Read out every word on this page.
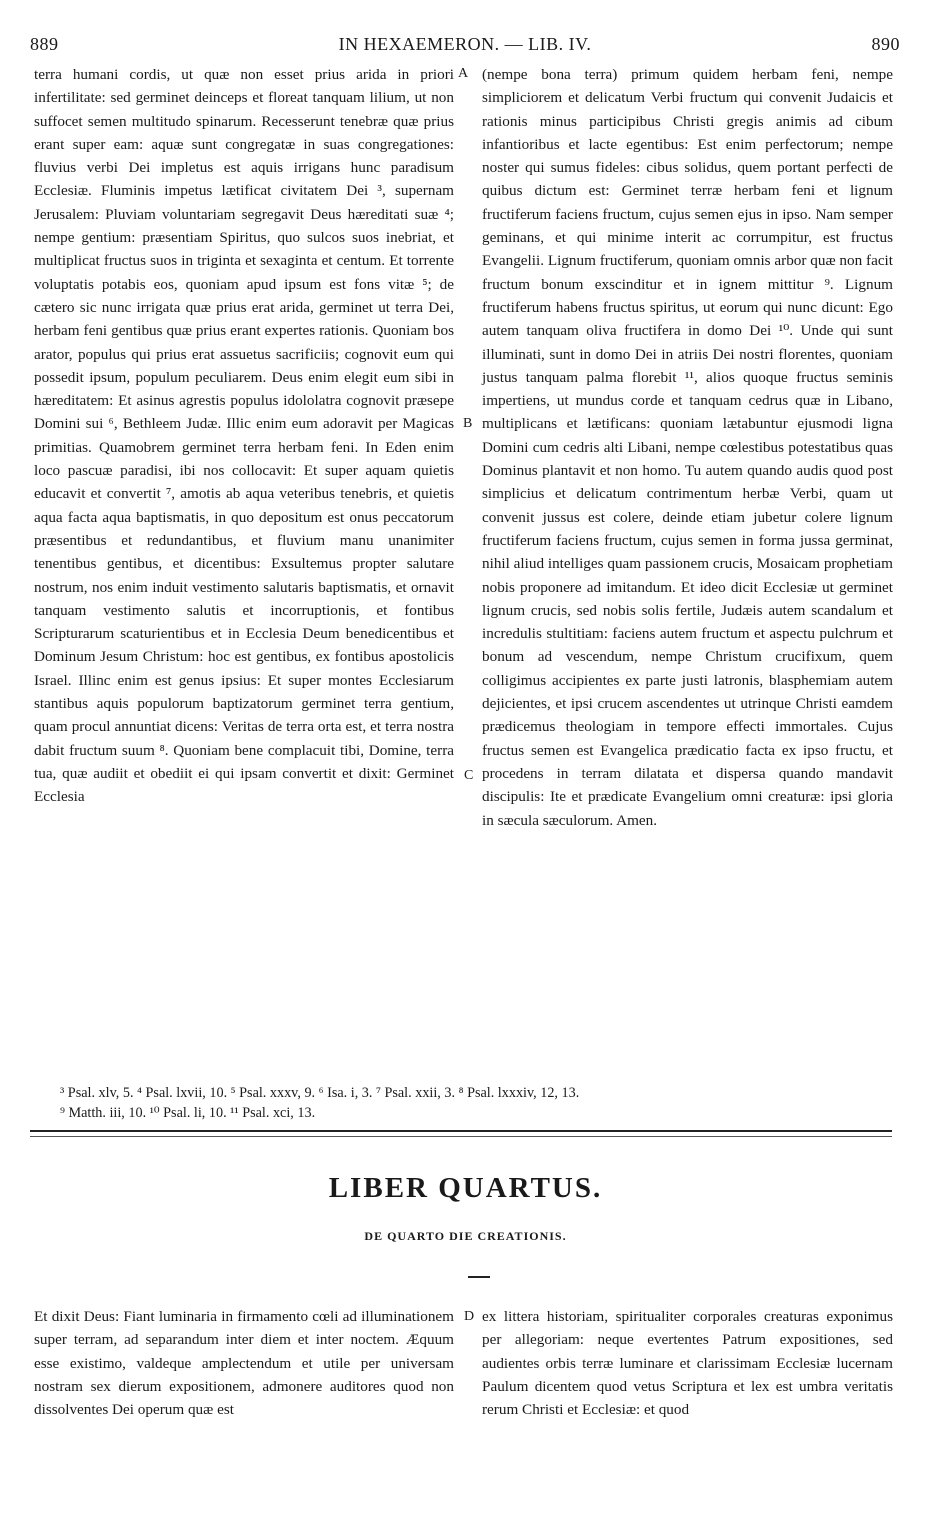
889	IN HEXAEMERON. — LIB. IV.	890

terra humani cordis, ut quæ non esset prius arida in priori infertilitate: sed germinet deinceps et floreat tanquam lilium, ut non suffocet semen multitudo spinarum. Recesserunt tenebræ quæ prius erant super eam: aquæ sunt congregatæ in suas congregationes: fluvius verbi Dei impletus est aquis irrigans hunc paradisum Ecclesiæ. Fluminis impetus lætificat civitatem Dei ³, supernam Jerusalem: Pluviam voluntariam segregavit Deus hæreditati suæ ⁴; nempe gentium: præsentiam Spiritus, quo sulcos suos inebriat, et multiplicat fructus suos in triginta et sexaginta et centum. Et torrente voluptatis potabis eos, quoniam apud ipsum est fons vitæ ⁵; de cætero sic nunc irrigata quæ prius erat arida, germinet ut terra Dei, herbam feni gentibus quæ prius erant expertes rationis. Quoniam bos arator, populus qui prius erat assuetus sacrificiis; cognovit eum qui possedit ipsum, populum peculiarem. Deus enim elegit eum sibi in hæreditatem: Et asinus agrestis populus idololatra cognovit præsepe Domini sui ⁶, Bethleem Judæ. Illic enim eum adoravit per Magicas primitias. Quamobrem germinet terra herbam feni. In Eden enim loco pascuæ paradisi, ibi nos collocavit: Et super aquam quietis educavit et convertit ⁷, amotis ab aqua veteribus tenebris, et quietis aqua facta aqua baptismatis, in quo depositum est onus peccatorum præsentibus et redundantibus, et fluvium manu unanimiter tenentibus gentibus, et dicentibus: Exsultemus propter salutare nostrum, nos enim induit vestimento salutaris baptismatis, et ornavit tanquam vestimento salutis et incorruptionis, et fontibus Scripturarum scaturientibus et in Ecclesia Deum benedicentibus et Dominum Jesum Christum: hoc est gentibus, ex fontibus apostolicis Israel. Illinc enim est genus ipsius: Et super montes Ecclesiarum stantibus aquis populorum baptizatorum germinet terra gentium, quam procul annuntiat dicens: Veritas de terra orta est, et terra nostra dabit fructum suum ⁸. Quoniam bene complacuit tibi, Domine, terra tua, quæ audiit et obediit ei qui ipsam convertit et dixit: Germinet Ecclesia

A
B
C
D

(nempe bona terra) primum quidem herbam feni, nempe simpliciorem et delicatum Verbi fructum qui convenit Judaicis et rationis minus participibus Christi gregis animis ad cibum infantioribus et lacte egentibus: Est enim perfectorum; nempe noster qui sumus fideles: cibus solidus, quem portant perfecti de quibus dictum est: Germinet terræ herbam feni et lignum fructiferum faciens fructum, cujus semen ejus in ipso. Nam semper geminans, et qui minime interit ac corrumpitur, est fructus Evangelii. Lignum fructiferum, quoniam omnis arbor quæ non facit fructum bonum exscinditur et in ignem mittitur ⁹. Lignum fructiferum habens fructus spiritus, ut eorum qui nunc dicunt: Ego autem tanquam oliva fructifera in domo Dei ¹⁰. Unde qui sunt illuminati, sunt in domo Dei in atriis Dei nostri florentes, quoniam justus tanquam palma florebit ¹¹, alios quoque fructus seminis impertiens, ut mundus corde et tanquam cedrus quæ in Libano, multiplicans et lætificans: quoniam lætabuntur ejusmodi ligna Domini cum cedris alti Libani, nempe cœlestibus potestatibus quas Dominus plantavit et non homo. Tu autem quando audis quod post simplicius et delicatum contrimentum herbæ Verbi, quam ut convenit jussus est colere, deinde etiam jubetur colere lignum fructiferum faciens fructum, cujus semen in forma jussa germinat, nihil aliud intelliges quam passionem crucis, Mosaicam prophetiam nobis proponere ad imitandum. Et ideo dicit Ecclesiæ ut germinet lignum crucis, sed nobis solis fertile, Judæis autem scandalum et incredulis stultitiam: faciens autem fructum et aspectu pulchrum et bonum ad vescendum, nempe Christum crucifixum, quem colligimus accipientes ex parte justi latronis, blasphemiam autem dejicientes, et ipsi crucem ascendentes ut utrinque Christi eamdem prædicemus theologiam in tempore effecti immortales. Cujus fructus semen est Evangelica prædicatio facta ex ipso fructu, et procedens in terram dilatata et dispersa quando mandavit discipulis: Ite et prædicate Evangelium omni creaturæ: ipsi gloria in sæcula sæculorum. Amen.

³ Psal. xlv, 5. ⁴ Psal. lxvii, 10. ⁵ Psal. xxxv, 9. ⁶ Isa. i, 3. ⁷ Psal. xxii, 3. ⁸ Psal. lxxxiv, 12, 13.

⁹ Matth. iii, 10. ¹⁰ Psal. li, 10. ¹¹ Psal. xci, 13.

LIBER QUARTUS.
DE QUARTO DIE CREATIONIS.

Et dixit Deus: Fiant luminaria in firmamento cœli ad illuminationem super terram, ad separandum inter diem et inter noctem. Æquum esse existimo, valdeque amplectendum et utile per universam nostram sex dierum expositionem, admonere auditores quod non dissolventes Dei operum quæ est

ex littera historiam, spiritualiter corporales creaturas exponimus per allegoriam: neque evertentes Patrum expositiones, sed audientes orbis terræ luminare et clarissimam Ecclesiæ lucernam Paulum dicentem quod vetus Scriptura et lex est umbra veritatis rerum Christi et Ecclesiæ: et quod
